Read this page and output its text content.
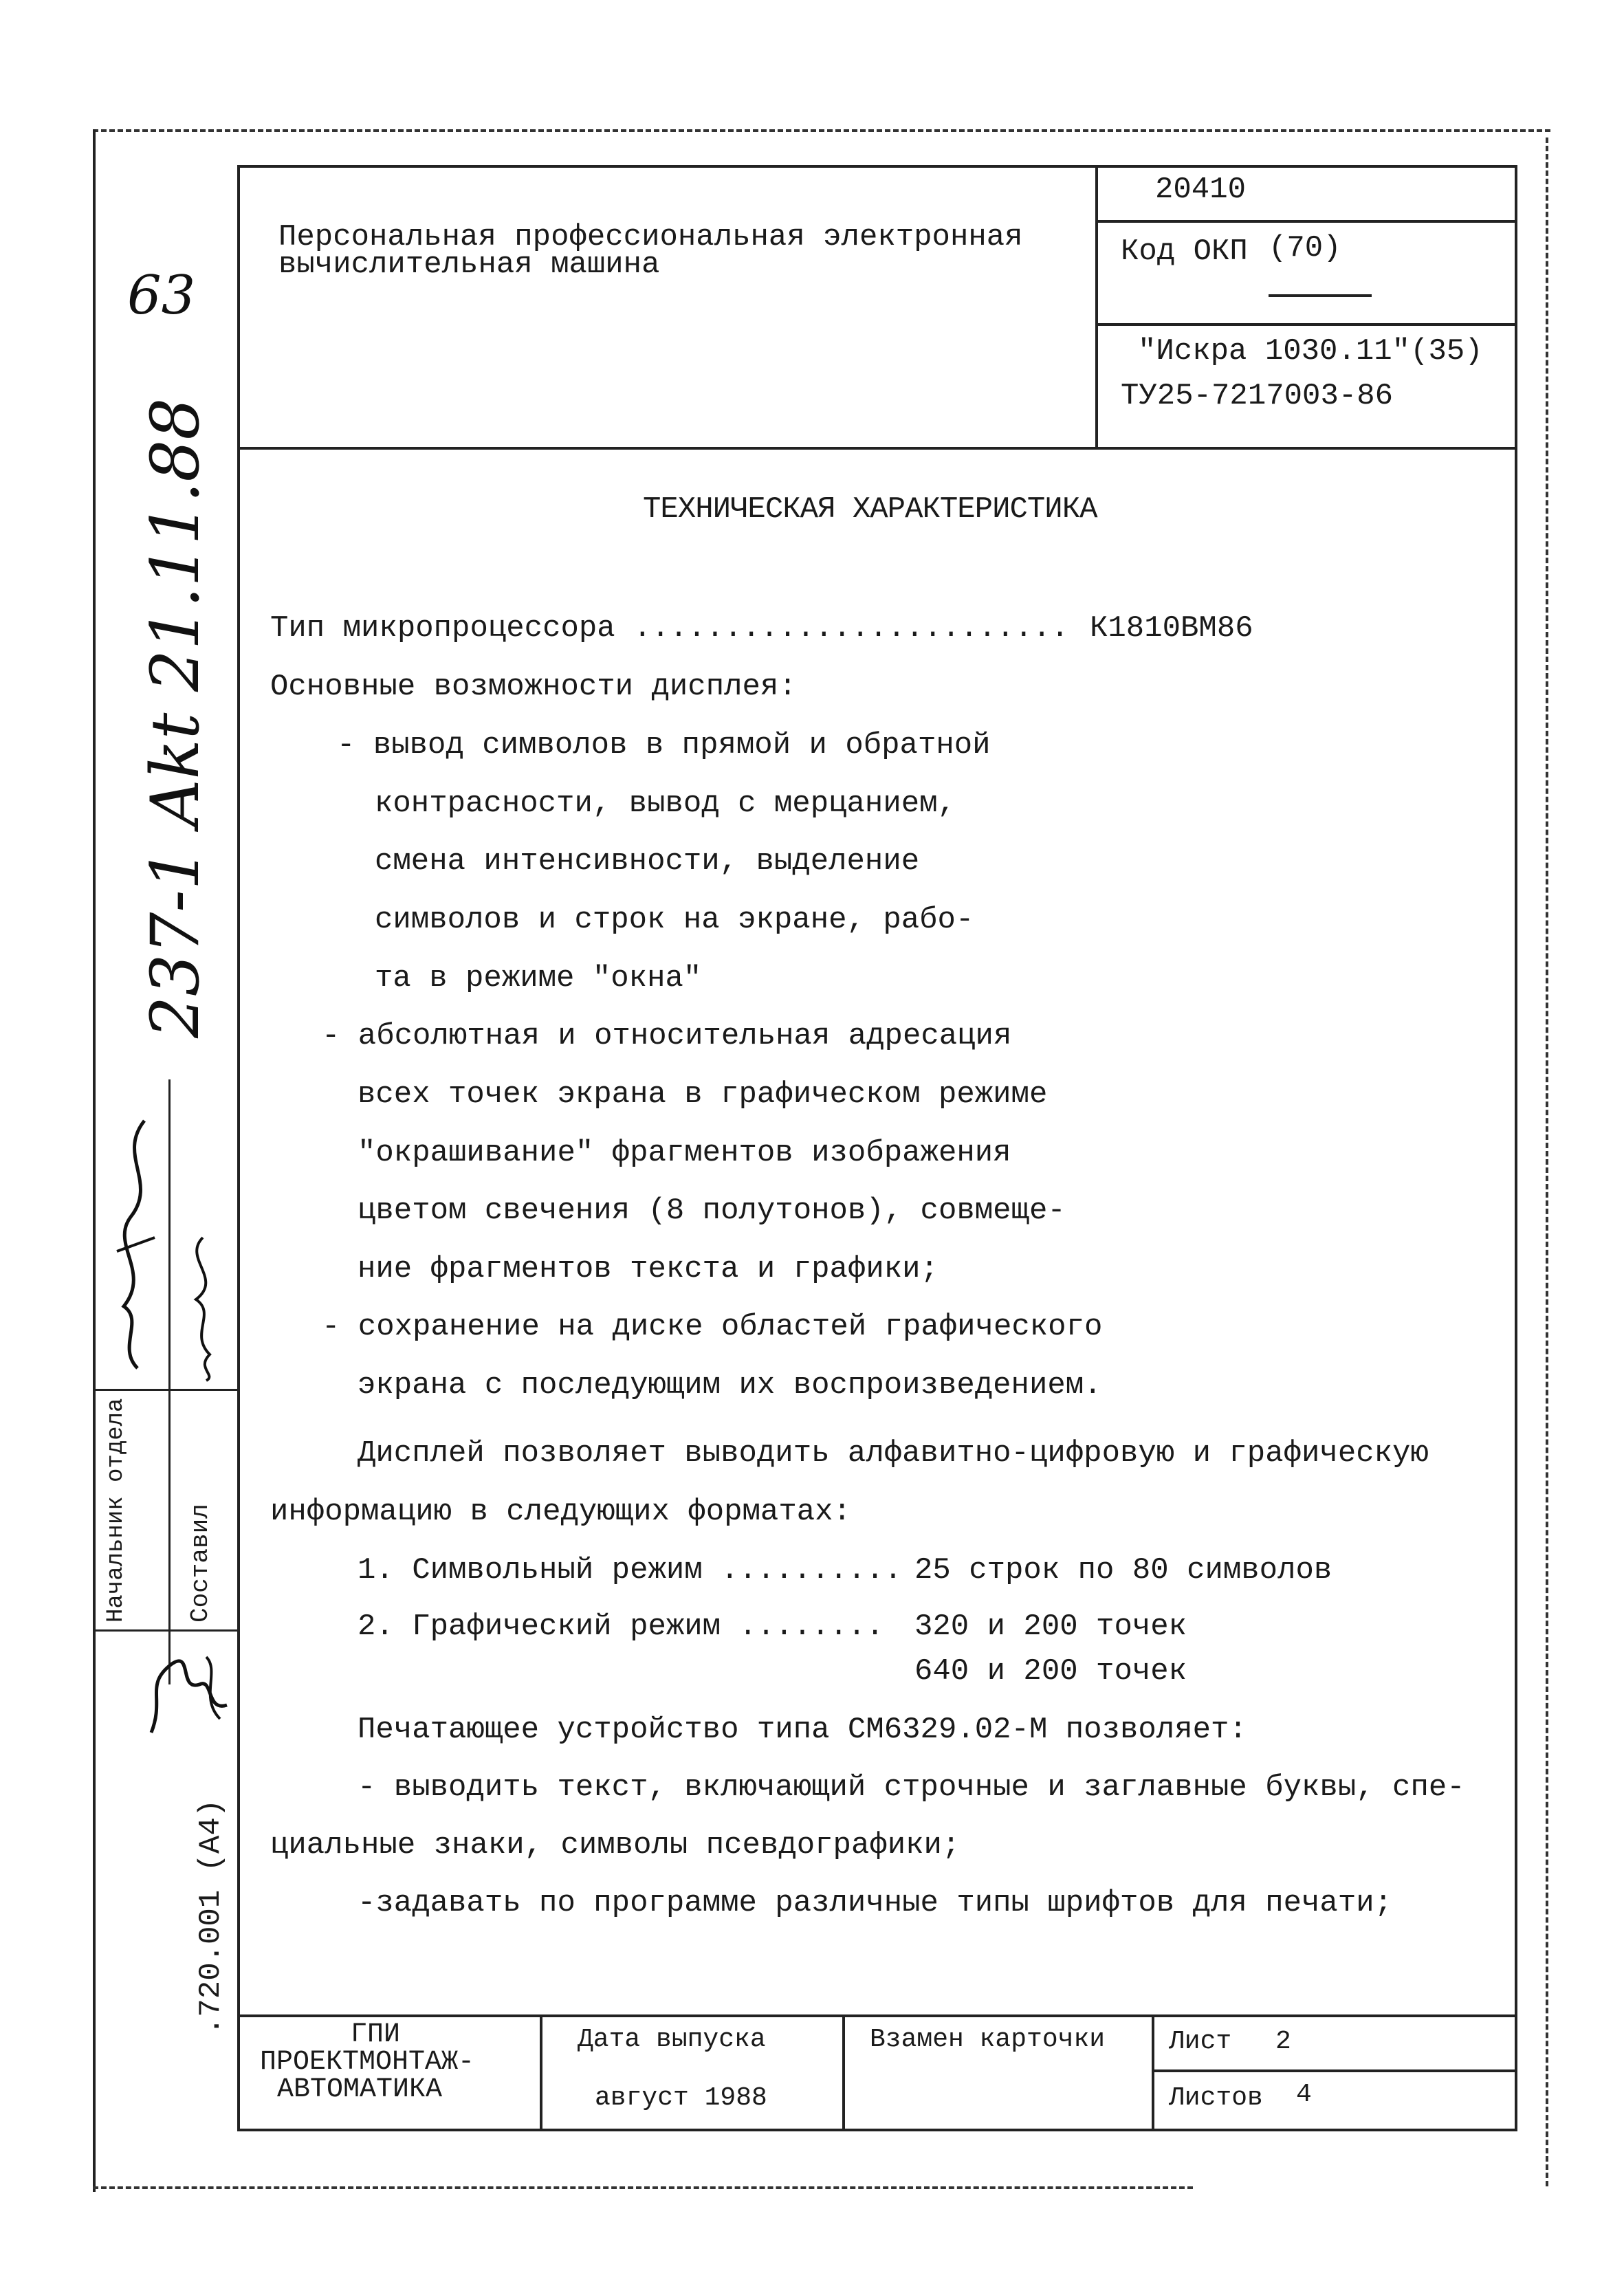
Персональная профессиональная электронная вычислительная машина
20410
Код ОКП (70)
"Искра 1030.11"(35)
ТУ25-7217003-86
ТЕХНИЧЕСКАЯ ХАРАКТЕРИСТИКА
Тип микропроцессора ........................ К1810ВМ86
Основные возможности дисплея:
- вывод символов в прямой и обратной
контрасности, вывод с мерцанием,
смена интенсивности, выделение
символов и строк на экране, рабо-
та в режиме "окна"
- абсолютная и относительная адресация
всех точек экрана в графическом режиме
"окрашивание" фрагментов изображения
цветом свечения (8 полутонов), совмеще-
ние фрагментов текста и графики;
- сохранение на диске областей графического
экрана с последующим их воспроизведением.
Дисплей позволяет выводить алфавитно-цифровую и графическую
информацию в следующих форматах:
1. Символьный режим .......... 25 строк по 80 символов
2. Графический режим ........ 320 и 200 точек
640 и 200 точек
Печатающее устройство типа СМ6329.02-М позволяет:
- выводить текст, включающий строчные и заглавные буквы, спе-
циальные знаки, символы псевдографики;
-задавать по программе различные типы шрифтов для печати;
ГПИ
ПРОЕКТМОНТАЖ-
АВТОМАТИКА
Дата выпуска
август 1988
Взамен карточки Лист 2
Листов 4
63
237-1 Akt 21.11.88
Начальник отдела Составил
.720.001 (A4)
